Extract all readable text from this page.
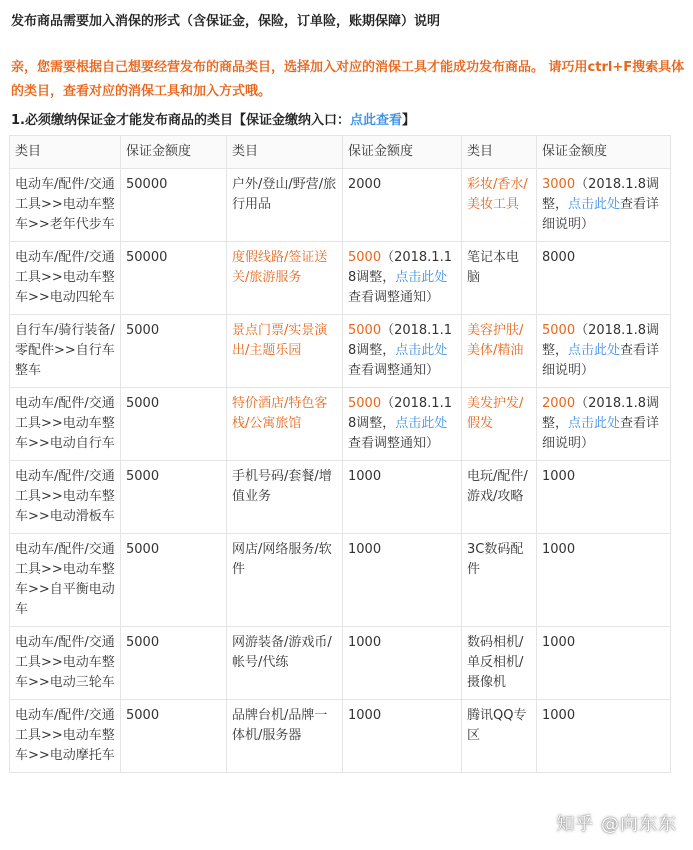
发布商品需要加入消保的形式（含保证金，保险，订单险，账期保障）说明
亲，您需要根据自己想要经营发布的商品类目，选择加入对应的消保工具才能成功发布商品。 请巧用ctrl+F搜索具体的类目，查看对应的消保工具和加入方式哦。
1.必须缴纳保证金才能发布商品的类目【保证金缴纳入口：点此查看】
类目	保证金额度	类目	保证金额度	类目	保证金额度
电动车/配件/交通工具>>电动车整车>>老年代步车	50000	户外/登山/野营/旅行用品	2000	彩妆/香水/美妆工具	3000（2018.1.8调整，点击此处查看详细说明）
电动车/配件/交通工具>>电动车整车>>电动四轮车	50000	度假线路/签证送关/旅游服务	5000（2018.1.18调整，点击此处查看调整通知）	笔记本电脑	8000
自行车/骑行装备/零配件>>自行车整车	5000	景点门票/实景演出/主题乐园	5000（2018.1.18调整，点击此处查看调整通知）	美容护肤/美体/精油	5000（2018.1.8调整，点击此处查看详细说明）
电动车/配件/交通工具>>电动车整车>>电动自行车	5000	特价酒店/特色客栈/公寓旅馆	5000（2018.1.18调整，点击此处查看调整通知）	美发护发/假发	2000（2018.1.8调整，点击此处查看详细说明）
电动车/配件/交通工具>>电动车整车>>电动滑板车	5000	手机号码/套餐/增值业务	1000	电玩/配件/游戏/攻略	1000
电动车/配件/交通工具>>电动车整车>>自平衡电动车	5000	网店/网络服务/软件	1000	3C数码配件	1000
电动车/配件/交通工具>>电动车整车>>电动三轮车	5000	网游装备/游戏币/帐号/代练	1000	数码相机/单反相机/摄像机	1000
电动车/配件/交通工具>>电动车整车>>电动摩托车	5000	品牌台机/品牌一体机/服务器	1000	腾讯QQ专区	1000
知乎 @向东东
